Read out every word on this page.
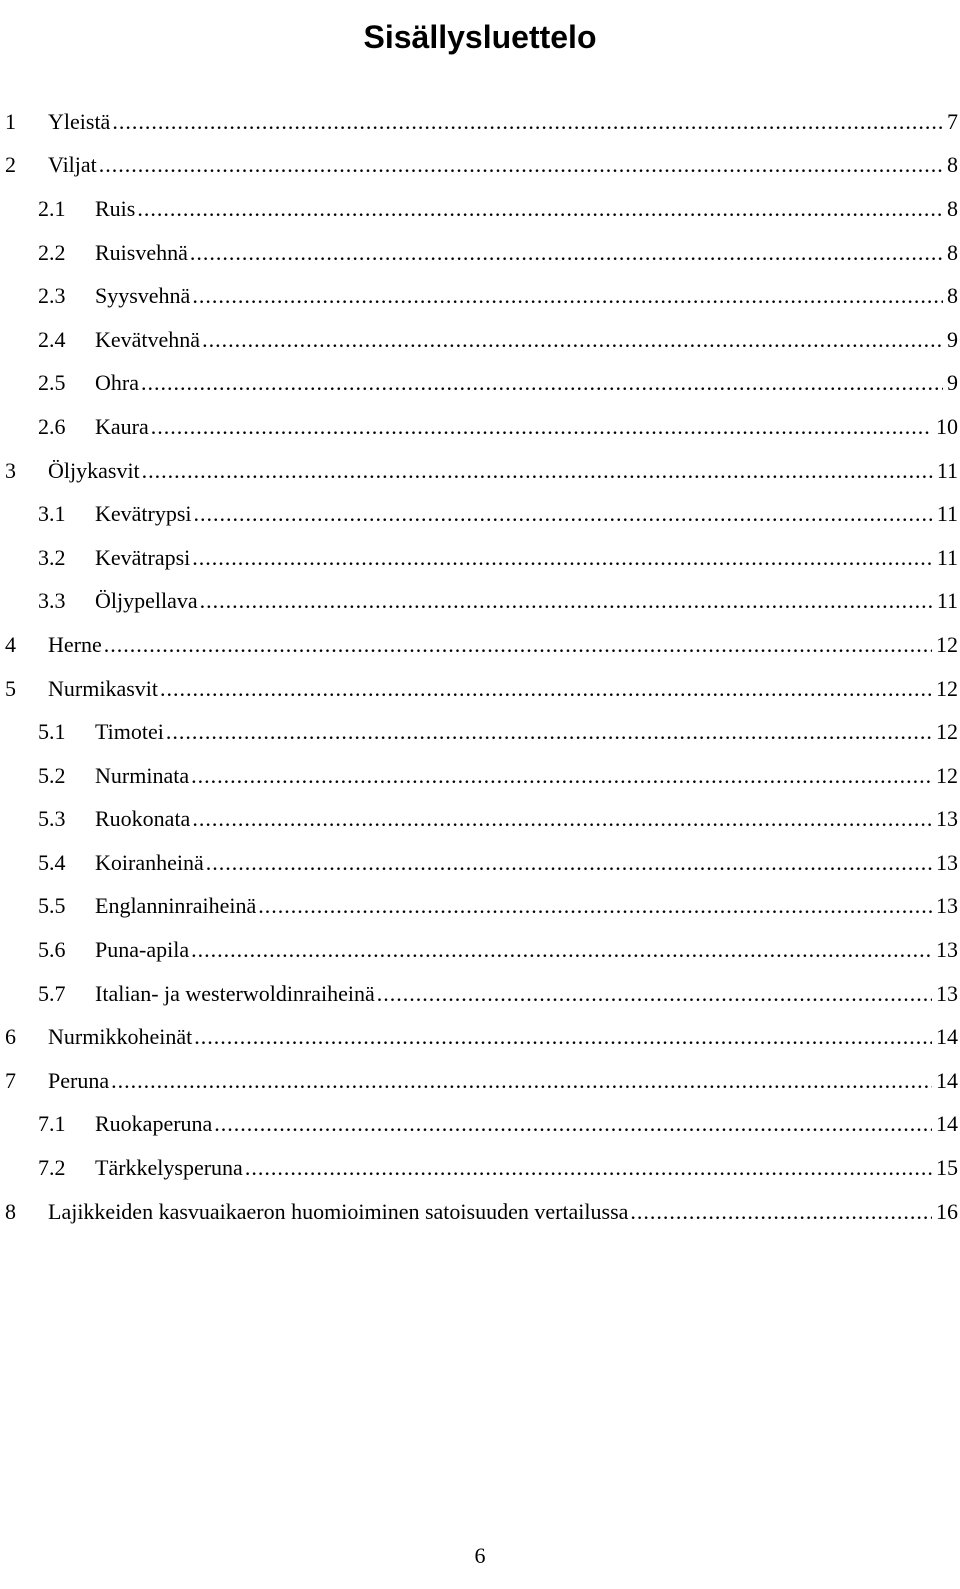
Sisällysluettelo
1	Yleistä .....	7
2	Viljat .....	8
2.1	Ruis .....	8
2.2	Ruisvehnä .....	8
2.3	Syysvehnä .....	8
2.4	Kevätvehnä .....	9
2.5	Ohra .....	9
2.6	Kaura .....	10
3	Öljykasvit .....	11
3.1	Kevätrypsi .....	11
3.2	Kevätrapsi .....	11
3.3	Öljypellava .....	11
4	Herne .....	12
5	Nurmikasvit .....	12
5.1	Timotei .....	12
5.2	Nurminata .....	12
5.3	Ruokonata .....	13
5.4	Koiranheinä .....	13
5.5	Englanninraiheinä .....	13
5.6	Puna-apila .....	13
5.7	Italian- ja westerwoldinraiheinä .....	13
6	Nurmikkoheinät .....	14
7	Peruna .....	14
7.1	Ruokaperuna .....	14
7.2	Tärkkelysperuna .....	15
8	Lajikkeiden kasvuaikaeron huomioiminen satoisuuden vertailussa .....	16
6
